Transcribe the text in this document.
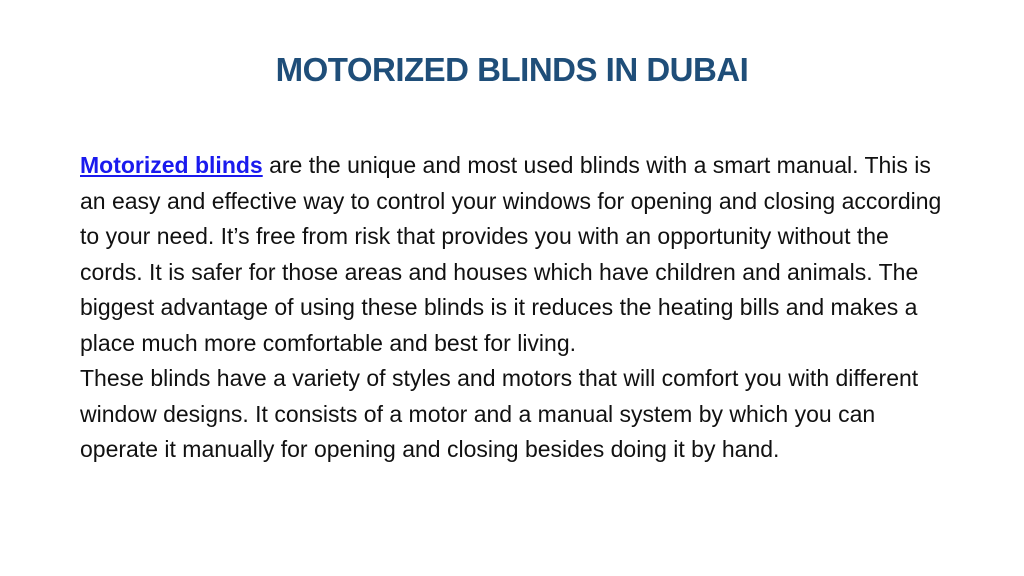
MOTORIZED BLINDS IN DUBAI

Motorized blinds are the unique and most used blinds with a smart manual. This is an easy and effective way to control your windows for opening and closing according to your need. It’s free from risk that provides you with an opportunity without the cords. It is safer for those areas and houses which have children and animals. The biggest advantage of using these blinds is it reduces the heating bills and makes a place much more comfortable and best for living.

These blinds have a variety of styles and motors that will comfort you with different window designs. It consists of a motor and a manual system by which you can operate it manually for opening and closing besides doing it by hand.
